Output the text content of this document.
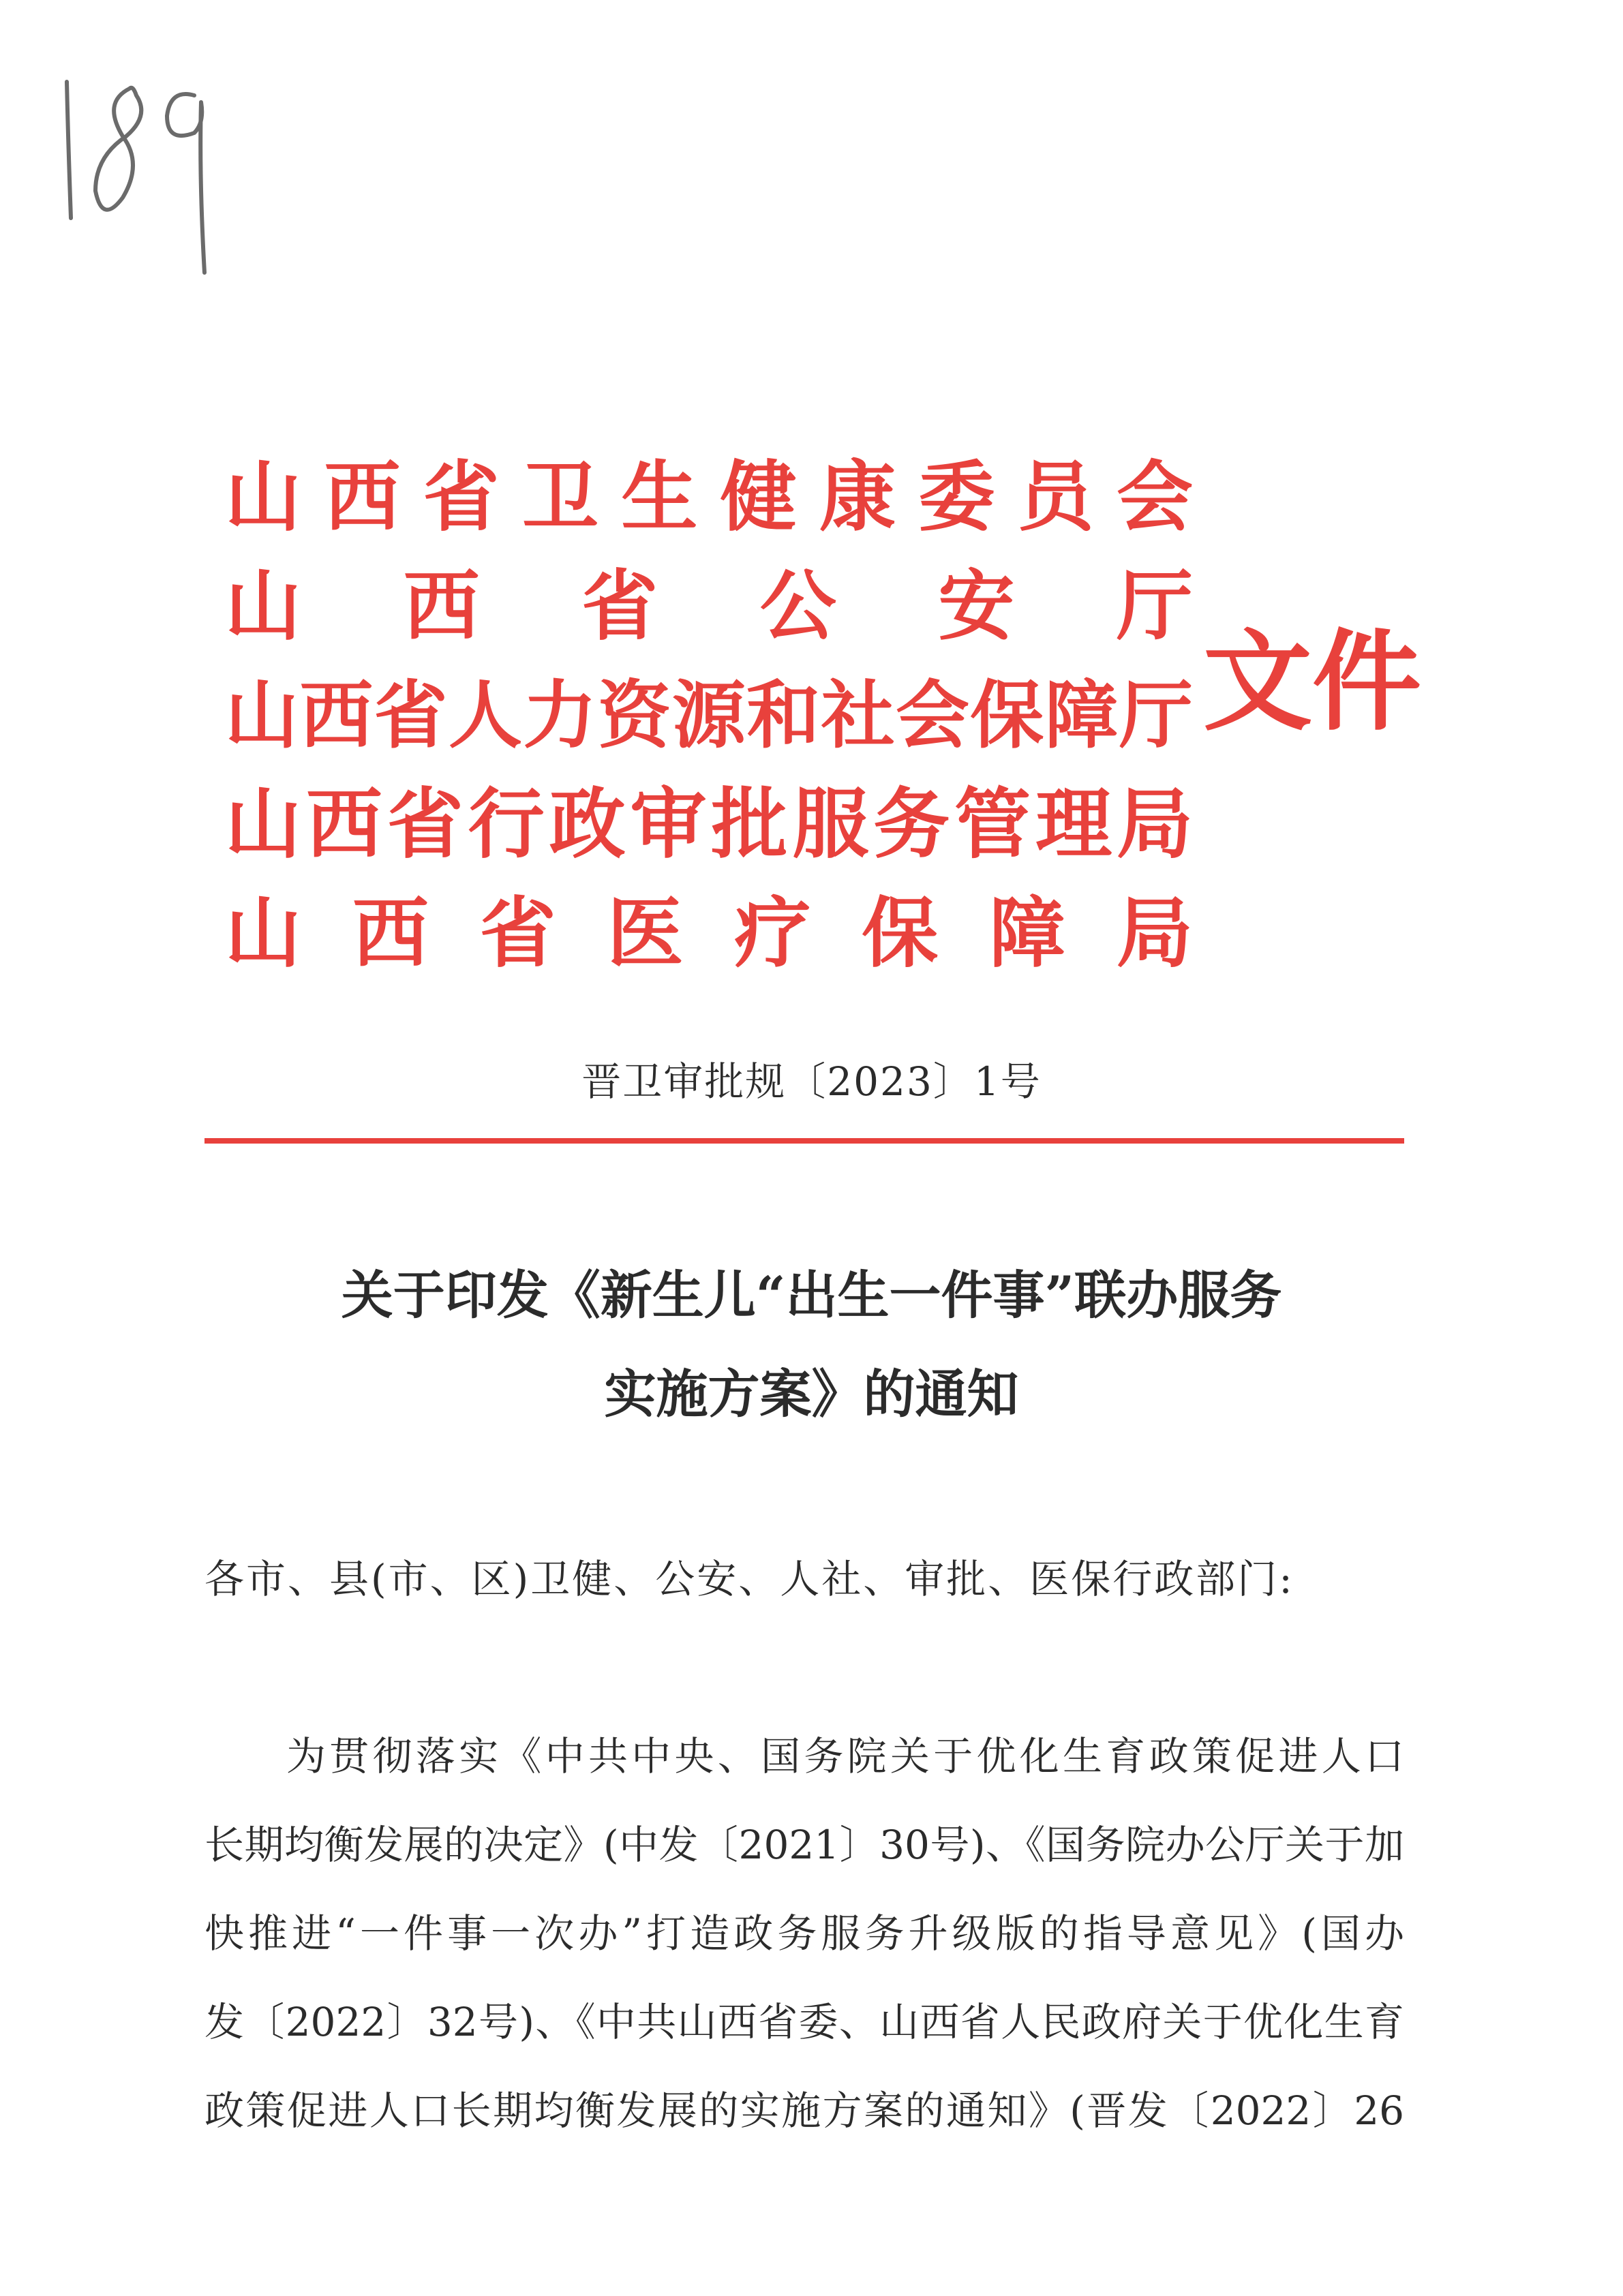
山 西 省 卫 生 健 康 委 员 会
山 西 省 公 安 厅
山 西 省 人 力 资 源 和 社 会 保 障 厅
山 西 省 行 政 审 批 服 务 管 理 局
山 西 省 医 疗 保 障 局
文件
晋卫审批规〔2023〕1号
关于印发《新生儿“出生一件事”联办服务
实施方案》的通知
各市、县(市、区)卫健、公安、人社、审批、医保行政部门:
为贯彻落实《中共中央、国务院关于优化生育政策促进人口
长期均衡发展的决定》(中发〔2021〕30号)、《国务院办公厅关于加
快推进“一件事一次办”打造政务服务升级版的指导意见》(国办
发〔2022〕32号)、《中共山西省委、山西省人民政府关于优化生育
政策促进人口长期均衡发展的实施方案的通知》(晋发〔2022〕26
